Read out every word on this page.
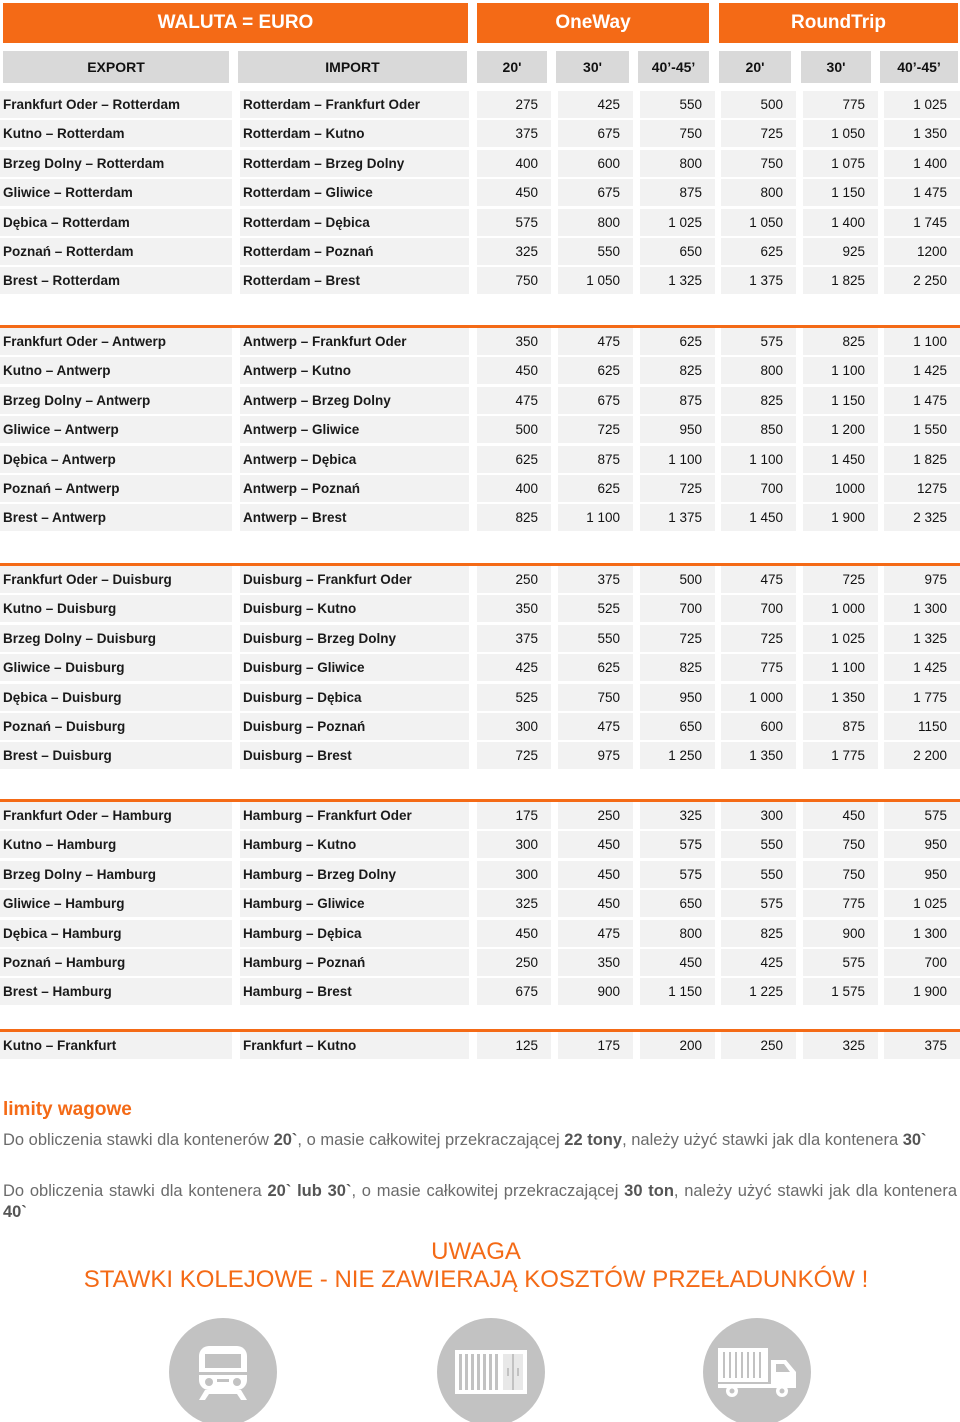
WALUTA = EURO	OneWay	RoundTrip
EXPORT	IMPORT	20'	30'	40’-45’	20'	30'	40’-45’
Frankfurt Oder – Rotterdam	Rotterdam – Frankfurt Oder	275	425	550	500	775	1 025
Kutno – Rotterdam	Rotterdam – Kutno	375	675	750	725	1 050	1 350
Brzeg Dolny – Rotterdam	Rotterdam – Brzeg Dolny	400	600	800	750	1 075	1 400
Gliwice – Rotterdam	Rotterdam – Gliwice	450	675	875	800	1 150	1 475
Dębica – Rotterdam	Rotterdam – Dębica	575	800	1 025	1 050	1 400	1 745
Poznań – Rotterdam	Rotterdam – Poznań	325	550	650	625	925	1200
Brest – Rotterdam	Rotterdam – Brest	750	1 050	1 325	1 375	1 825	2 250
Frankfurt Oder – Antwerp	Antwerp – Frankfurt Oder	350	475	625	575	825	1 100
Kutno – Antwerp	Antwerp – Kutno	450	625	825	800	1 100	1 425
Brzeg Dolny – Antwerp	Antwerp – Brzeg Dolny	475	675	875	825	1 150	1 475
Gliwice – Antwerp	Antwerp – Gliwice	500	725	950	850	1 200	1 550
Dębica – Antwerp	Antwerp – Dębica	625	875	1 100	1 100	1 450	1 825
Poznań – Antwerp	Antwerp – Poznań	400	625	725	700	1000	1275
Brest – Antwerp	Antwerp – Brest	825	1 100	1 375	1 450	1 900	2 325
Frankfurt Oder – Duisburg	Duisburg – Frankfurt Oder	250	375	500	475	725	975
Kutno – Duisburg	Duisburg – Kutno	350	525	700	700	1 000	1 300
Brzeg Dolny – Duisburg	Duisburg – Brzeg Dolny	375	550	725	725	1 025	1 325
Gliwice – Duisburg	Duisburg – Gliwice	425	625	825	775	1 100	1 425
Dębica – Duisburg	Duisburg – Dębica	525	750	950	1 000	1 350	1 775
Poznań – Duisburg	Duisburg – Poznań	300	475	650	600	875	1150
Brest – Duisburg	Duisburg – Brest	725	975	1 250	1 350	1 775	2 200
Frankfurt Oder – Hamburg	Hamburg – Frankfurt Oder	175	250	325	300	450	575
Kutno – Hamburg	Hamburg – Kutno	300	450	575	550	750	950
Brzeg Dolny – Hamburg	Hamburg – Brzeg Dolny	300	450	575	550	750	950
Gliwice – Hamburg	Hamburg – Gliwice	325	450	650	575	775	1 025
Dębica – Hamburg	Hamburg – Dębica	450	475	800	825	900	1 300
Poznań – Hamburg	Hamburg – Poznań	250	350	450	425	575	700
Brest – Hamburg	Hamburg – Brest	675	900	1 150	1 225	1 575	1 900
Kutno – Frankfurt	Frankfurt – Kutno	125	175	200	250	325	375
limity wagowe
Do obliczenia stawki dla kontenerów 20`, o masie całkowitej przekraczającej 22 tony, należy użyć stawki jak dla kontenera 30`
Do obliczenia stawki dla kontenera 20` lub 30`, o masie całkowitej przekraczającej 30 ton, należy użyć stawki jak dla kontenera 40`
UWAGA
STAWKI KOLEJOWE - NIE ZAWIERAJĄ KOSZTÓW PRZEŁADUNKÓW !
